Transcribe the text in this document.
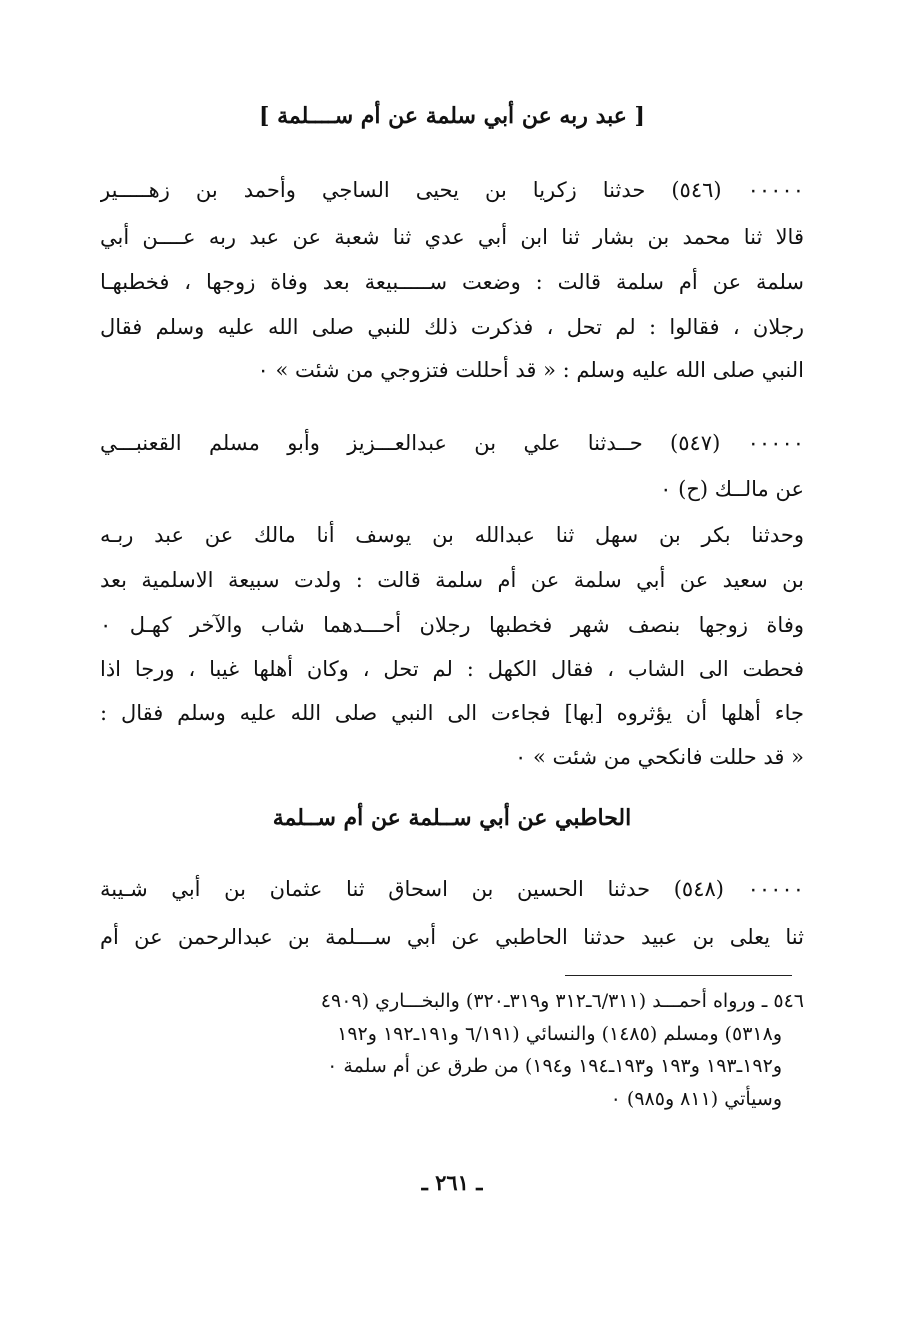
[ عبد ربه عن أبي سلمة عن أم ســــلمة ]
٠٠٠٠٠ (٥٤٦) حدثنا زكريا بن يحيى الساجي وأحمد بن زهـــــير
قالا ثنا محمد بن بشار ثنا ابن أبي عدي ثنا شعبة عن عبد ربه عــــن أبي
سلمة عن أم سلمة قالت : وضعت ســـــبيعة بعد وفاة زوجها ، فخطبهـا
رجلان ، فقالوا : لم تحل ، فذكرت ذلك للنبي صلى الله عليه وسلم فقال
النبي صلى الله عليه وسلم : « قد أحللت فتزوجي من شئت » ٠
٠٠٠٠٠ (٥٤٧) حــدثنا علي بن عبدالعـــزيز وأبو مسلم القعنبـــي
عن مالــك (ح) ٠
وحدثنا بكر بن سهل ثنا عبدالله بن يوسف أنا مالك عن عبد ربـه
بن سعيد عن أبي سلمة عن أم سلمة قالت : ولدت سبيعة الاسلمية بعد
وفاة زوجها بنصف شهر فخطبها رجلان أحـــدهما شاب والآخر كهـل ٠
فحطت الى الشاب ، فقال الكهل : لم تحل ، وكان أهلها غيبا ، ورجا اذا
جاء أهلها أن يؤثروه [بها] فجاءت الى النبي صلى الله عليه وسلم فقال :
« قد حللت فانكحي من شئت » ٠
الحاطبي عن أبي ســلمة عن أم ســلمة
٠٠٠٠٠ (٥٤٨) حدثنا الحسين بن اسحاق ثنا عثمان بن أبي شـيبة
ثنا يعلى بن عبيد حدثنا الحاطبي عن أبي ســـلمة بن عبدالرحمن عن أم
٥٤٦ ـ ورواه أحمـــد (٦/٣١١ـ٣١٢ و٣١٩ـ٣٢٠) والبخـــاري (٤٩٠٩
و٥٣١٨) ومسلم (١٤٨٥) والنسائي (٦/١٩١ و١٩١ـ١٩٢ و١٩٢
و١٩٢ـ١٩٣ و١٩٣ و١٩٣ـ١٩٤ و١٩٤) من طرق عن أم سلمة ٠
وسيأتي (٨١١ و٩٨٥) ٠
ـ ٢٦١ ـ
